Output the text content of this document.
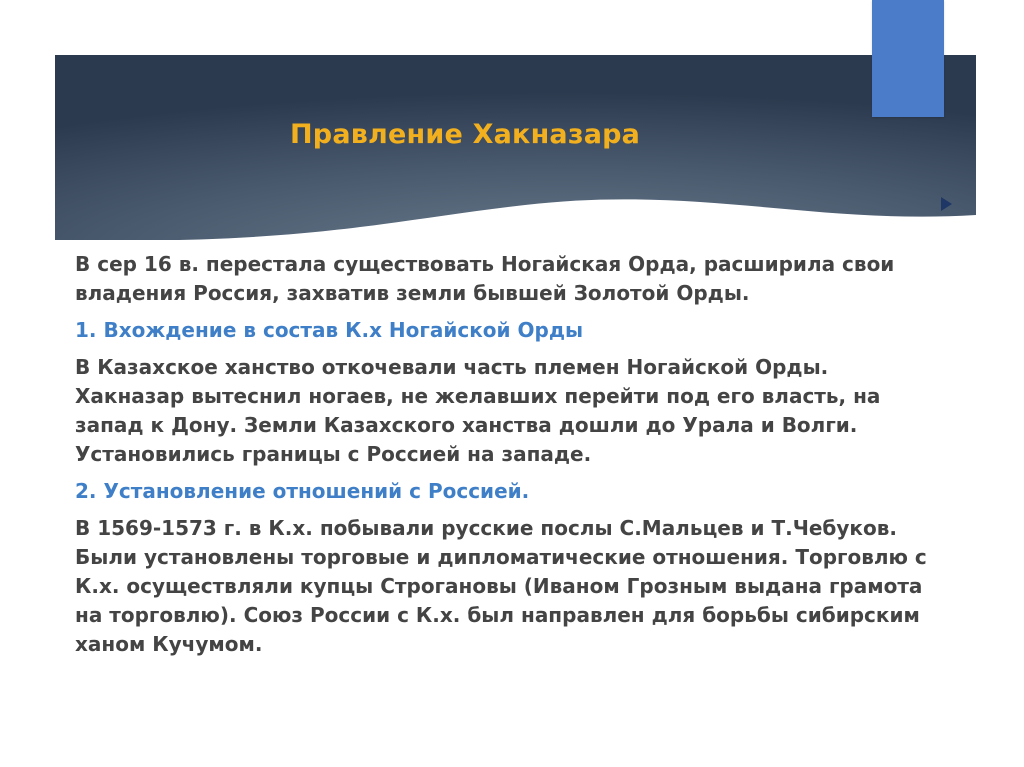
Правление Хакназара

В сер 16 в. перестала существовать Ногайская Орда, расширила свои владения Россия, захватив земли бывшей Золотой Орды.

1. Вхождение в состав К.х Ногайской Орды

В Казахское ханство откочевали часть племен Ногайской Орды. Хакназар вытеснил ногаев, не желавших перейти под его власть, на запад к Дону. Земли Казахского ханства дошли до Урала и Волги. Установились границы с Россией на западе.

2. Установление отношений с Россией.

В 1569-1573 г. в К.х. побывали русские послы С.Мальцев и Т.Чебуков. Были установлены торговые и дипломатические отношения. Торговлю с К.х. осуществляли купцы Строгановы (Иваном Грозным выдана грамота на торговлю). Союз России с К.х. был направлен для борьбы сибирским ханом Кучумом.
